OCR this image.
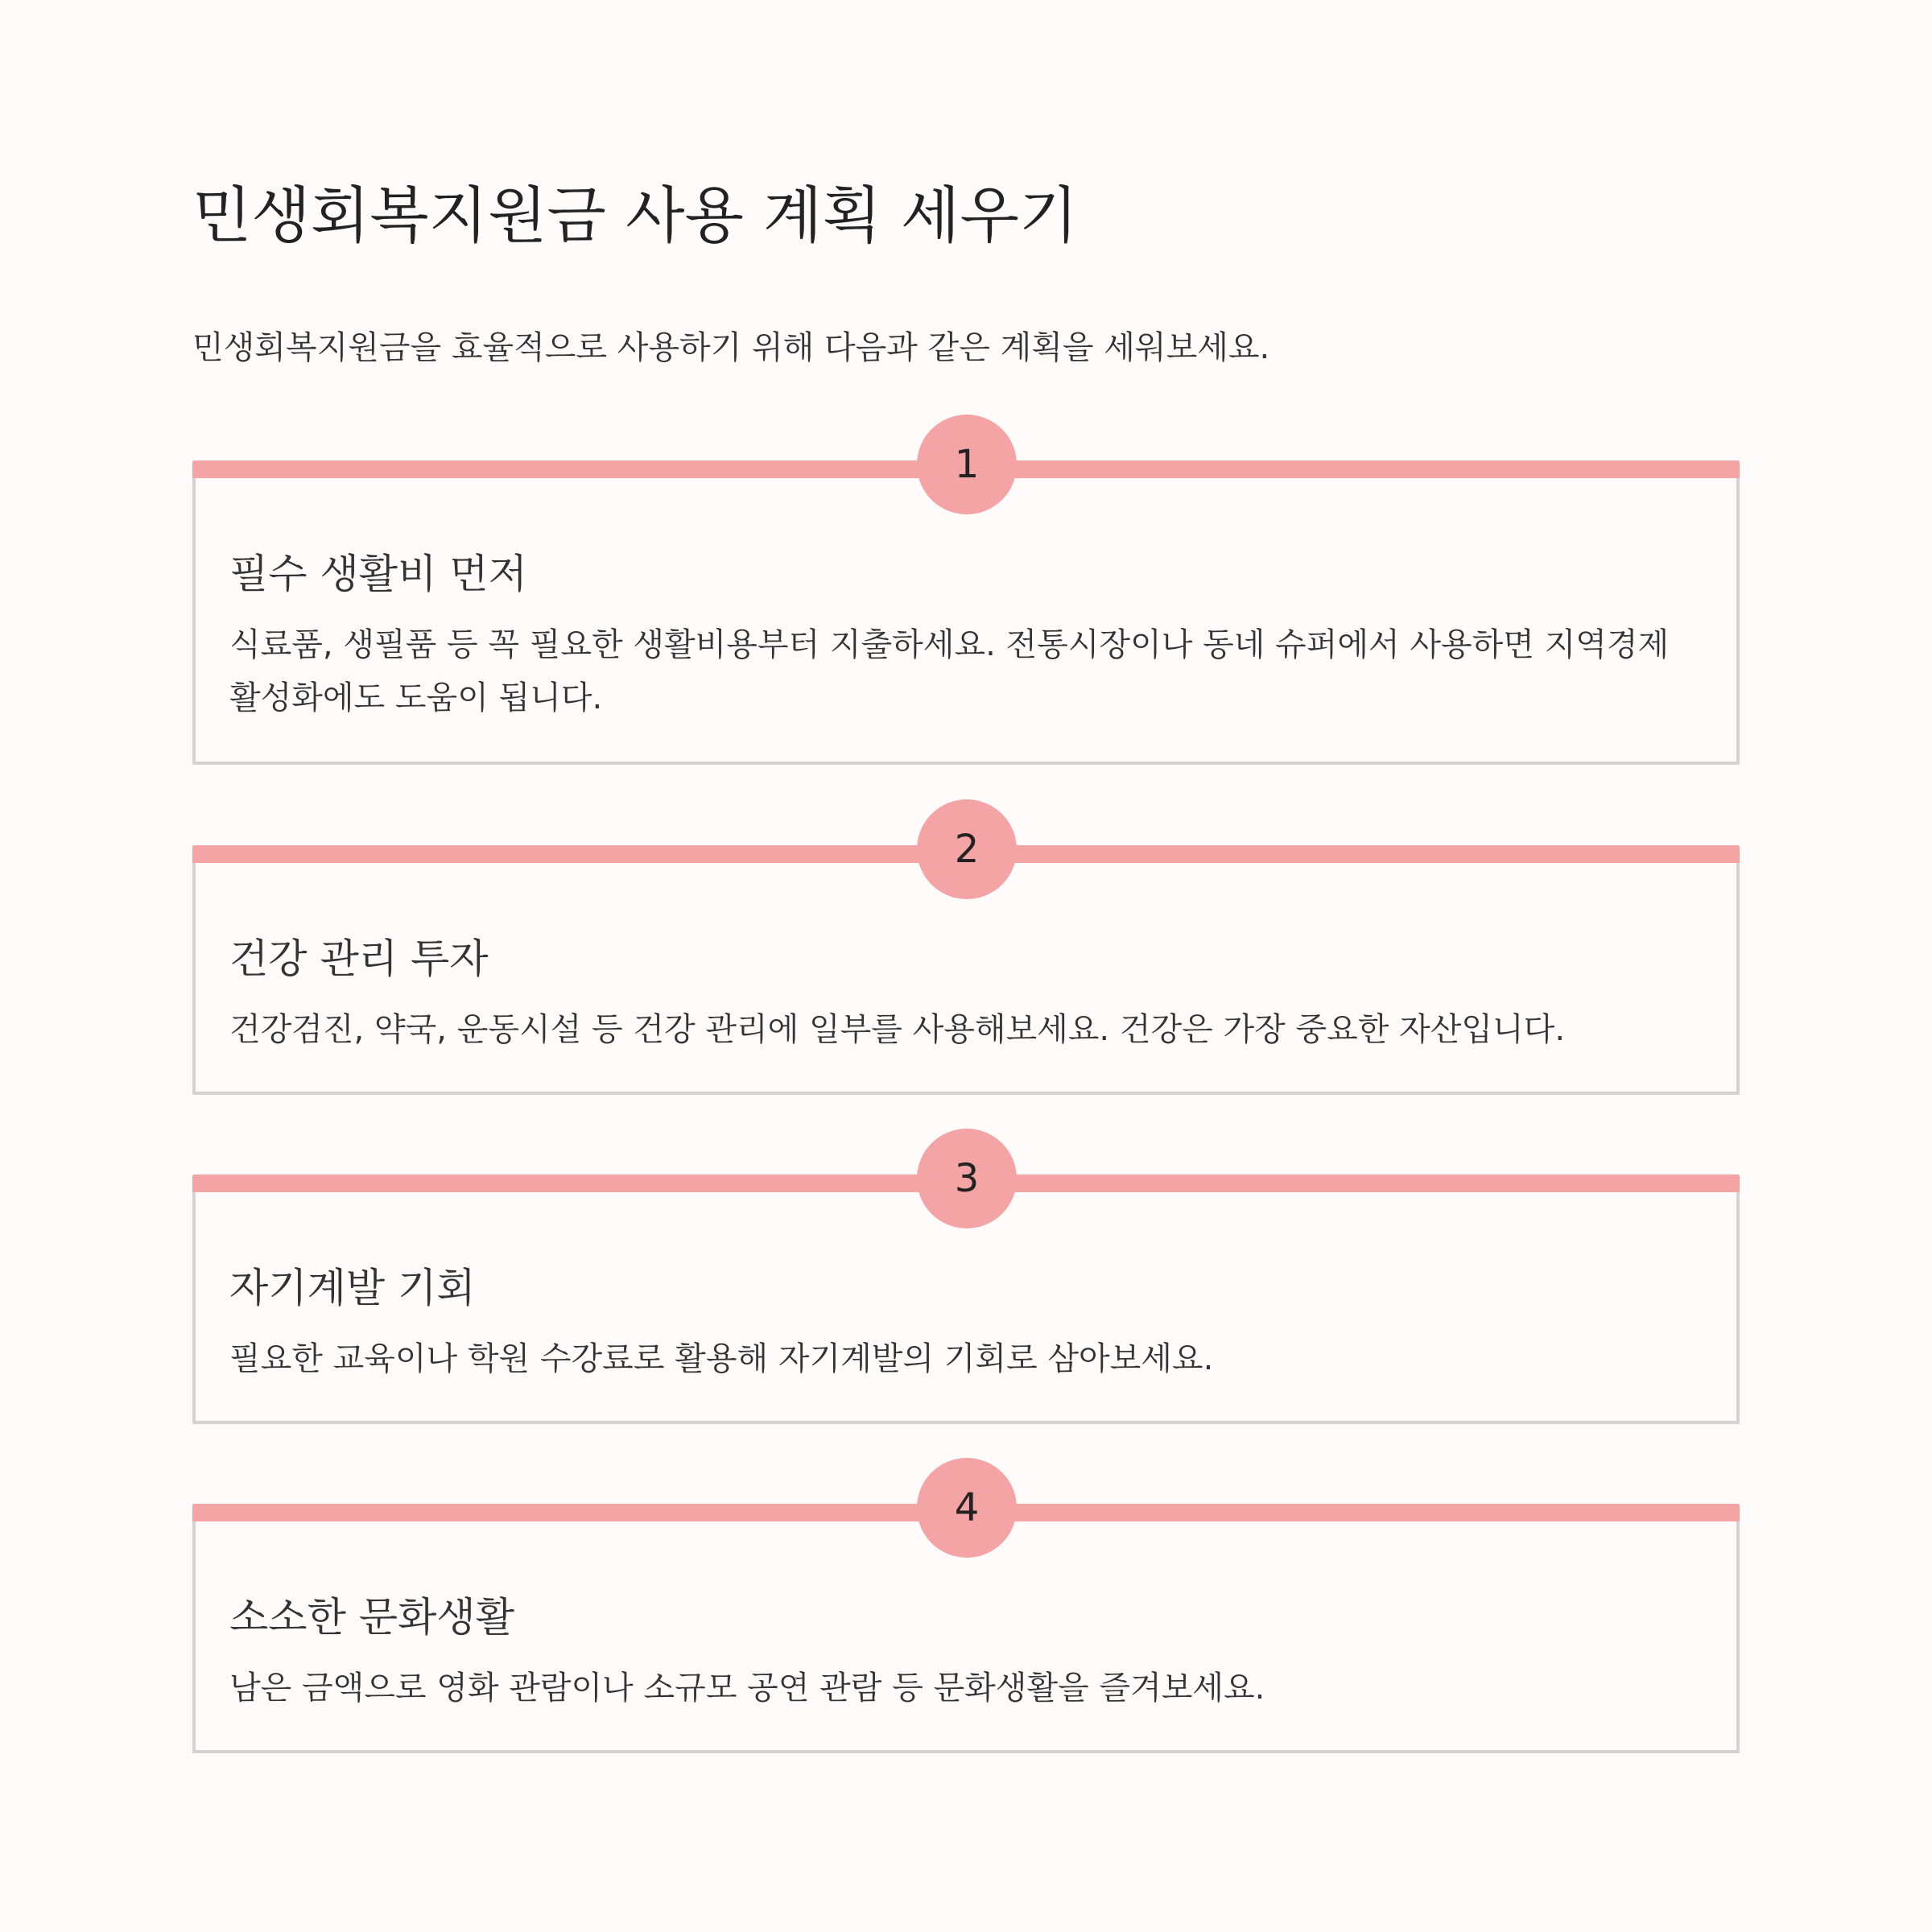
민생회복지원금 사용 계획 세우기

민생회복지원금을 효율적으로 사용하기 위해 다음과 같은 계획을 세워보세요.

1
필수 생활비 먼저

식료품, 생필품 등 꼭 필요한 생활비용부터 지출하세요. 전통시장이나 동네 슈퍼에서 사용하면 지역경제 활성화에도 도움이 됩니다.

2
건강 관리 투자

건강검진, 약국, 운동시설 등 건강 관리에 일부를 사용해보세요. 건강은 가장 중요한 자산입니다.

3
자기계발 기회

필요한 교육이나 학원 수강료로 활용해 자기계발의 기회로 삼아보세요.

4
소소한 문화생활

남은 금액으로 영화 관람이나 소규모 공연 관람 등 문화생활을 즐겨보세요.
